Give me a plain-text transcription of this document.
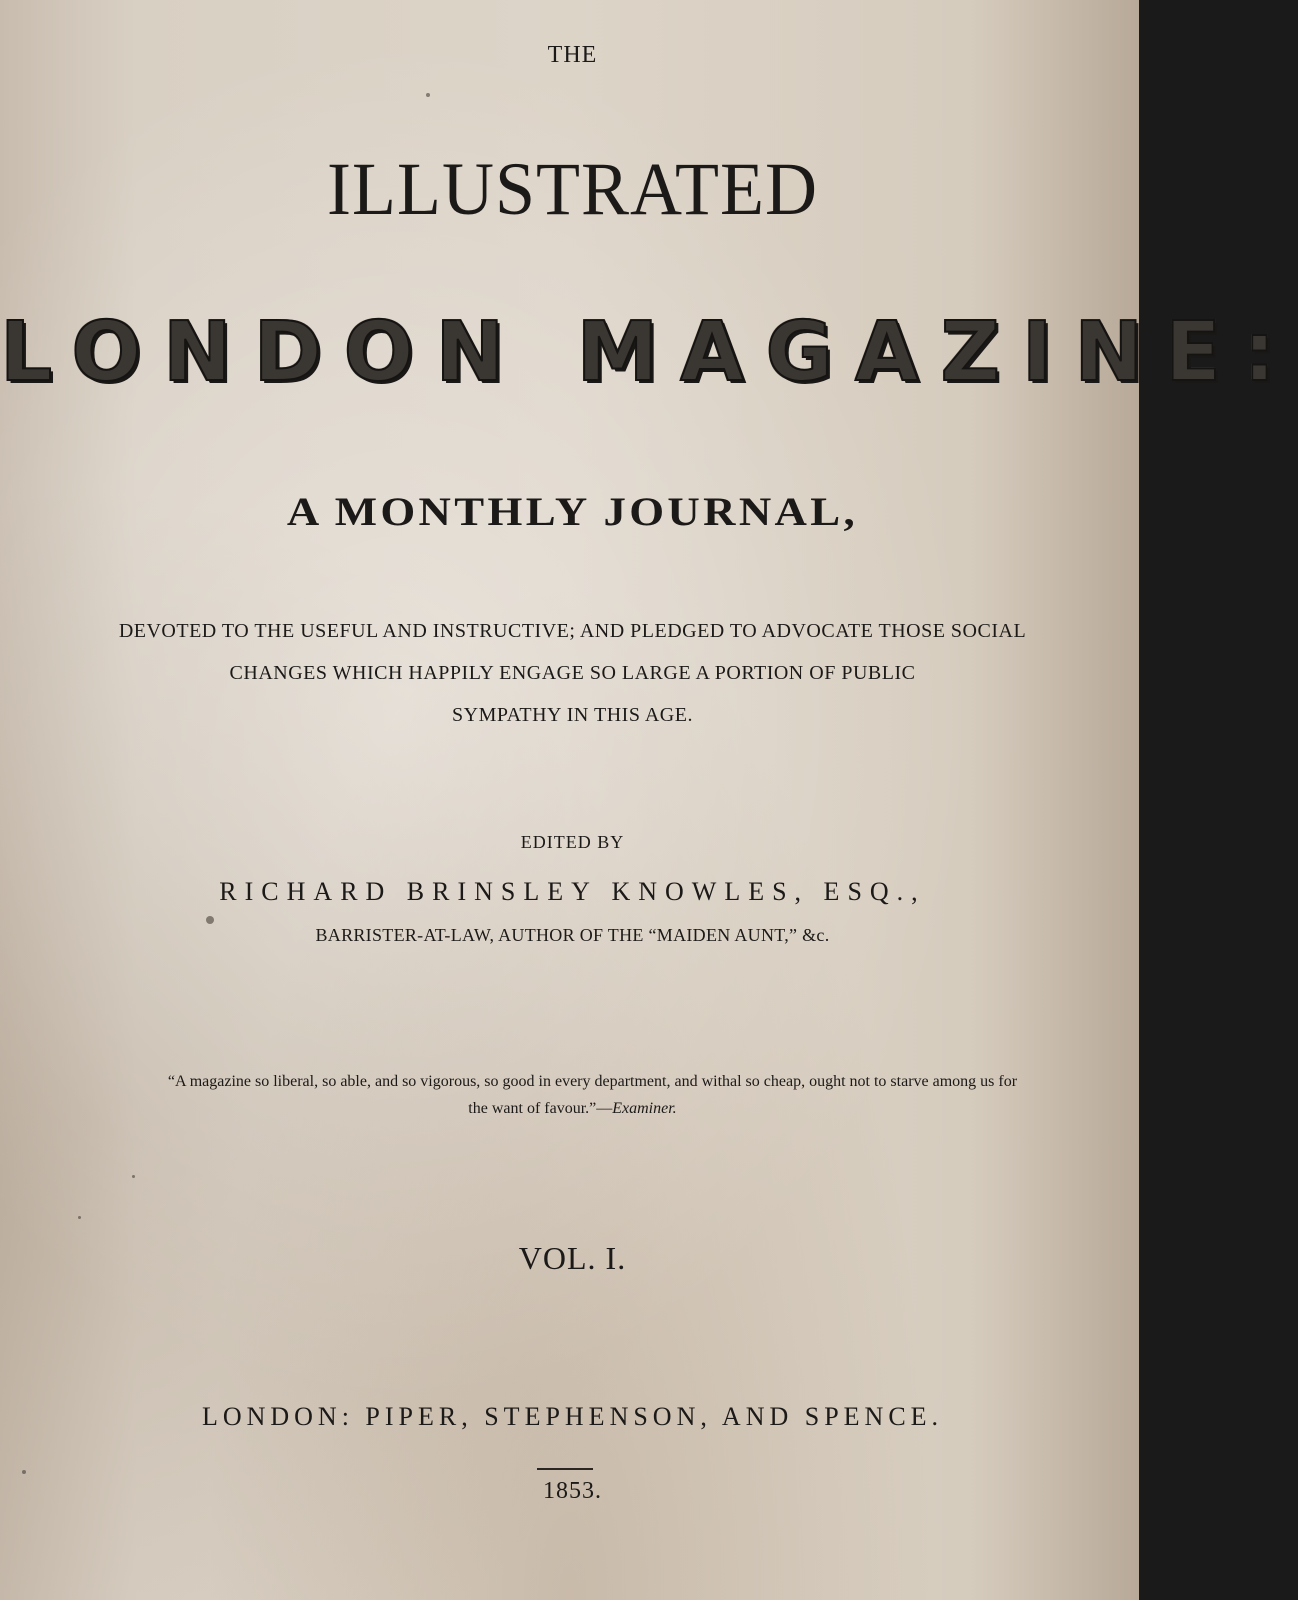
THE
ILLUSTRATED
LONDON MAGAZINE:
A MONTHLY JOURNAL,
DEVOTED TO THE USEFUL AND INSTRUCTIVE; AND PLEDGED TO ADVOCATE THOSE SOCIAL
CHANGES WHICH HAPPILY ENGAGE SO LARGE A PORTION OF PUBLIC
SYMPATHY IN THIS AGE.
EDITED BY
RICHARD BRINSLEY KNOWLES, ESQ.,
BARRISTER-AT-LAW, AUTHOR OF THE “MAIDEN AUNT,” &c.
“A magazine so liberal, so able, and so vigorous, so good in every department, and withal so cheap, ought not to starve among us for
the want of favour.”—Examiner.
VOL. I.
LONDON: PIPER, STEPHENSON, AND SPENCE.
1853.
